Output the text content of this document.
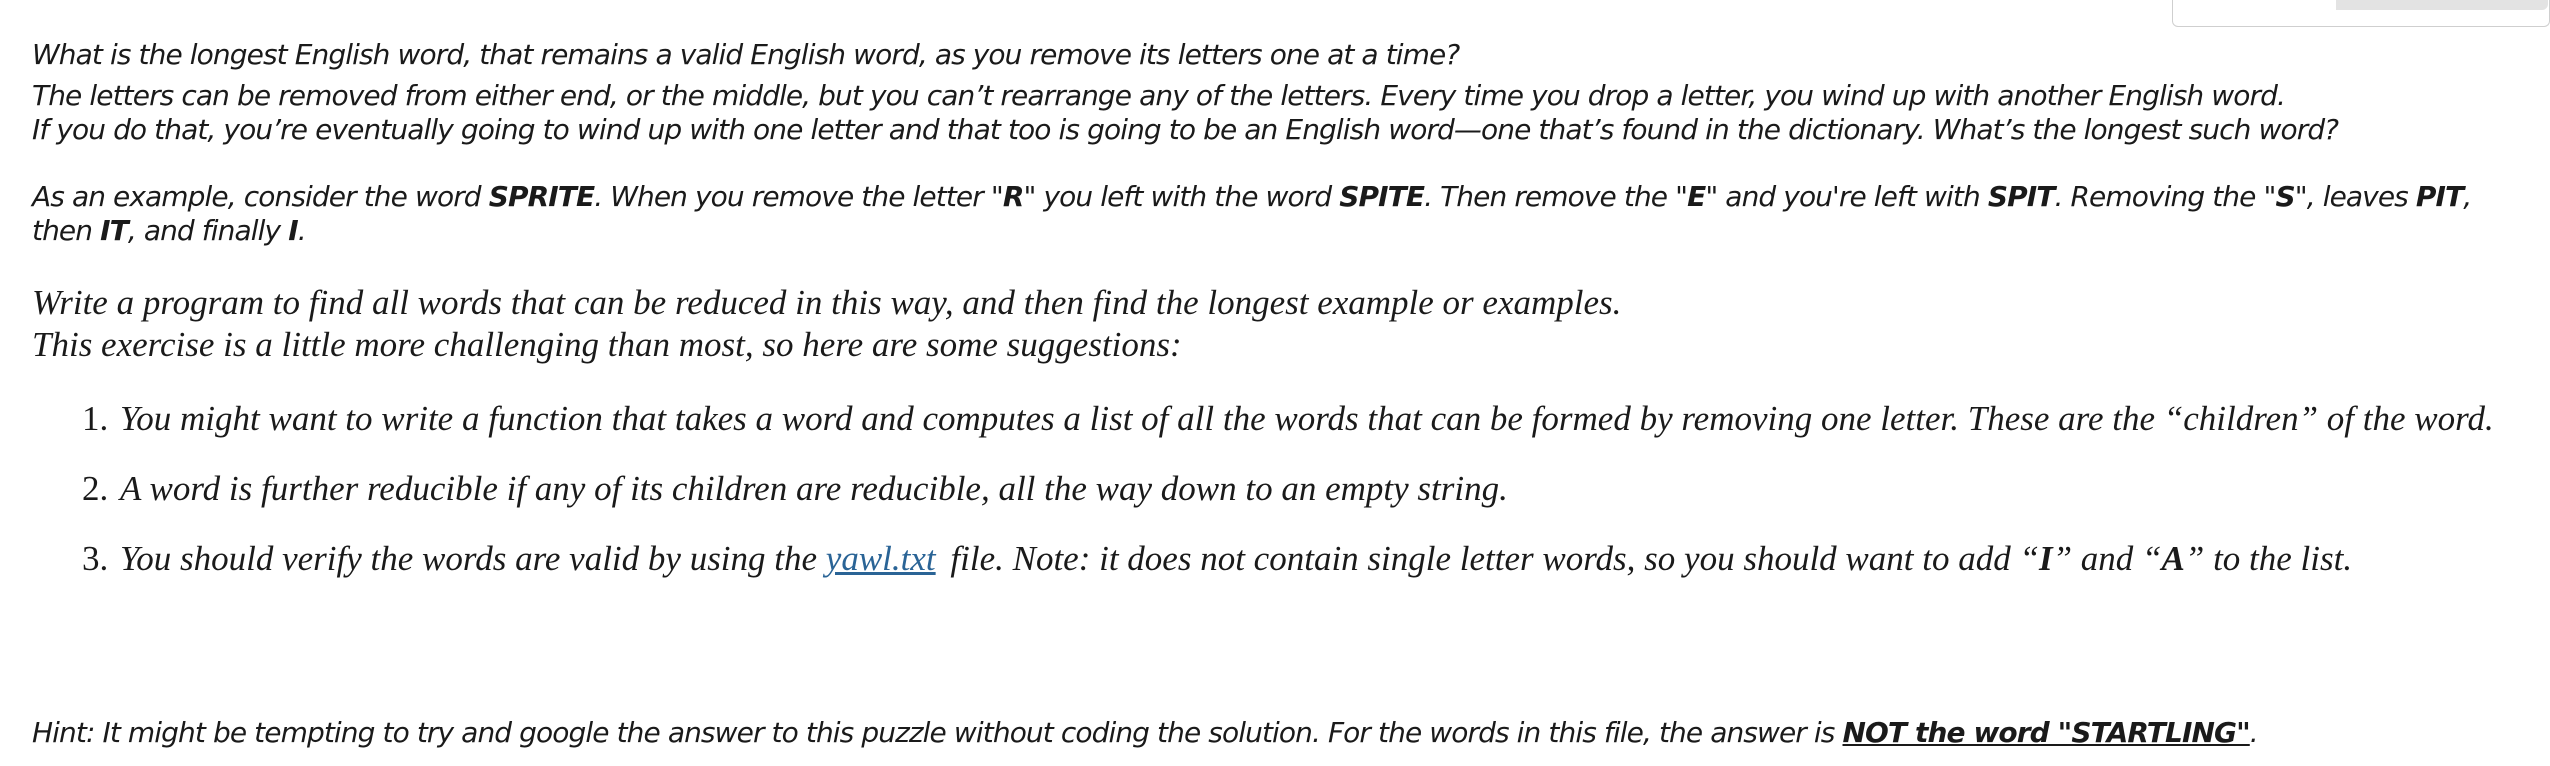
What is the longest English word, that remains a valid English word, as you remove its letters one at a time?

The letters can be removed from either end, or the middle, but you can’t rearrange any of the letters. Every time you drop a letter, you wind up with another English word.

If you do that, you’re eventually going to wind up with one letter and that too is going to be an English word—one that’s found in the dictionary. What’s the longest such word?

As an example, consider the word SPRITE. When you remove the letter "R" you left with the word SPITE. Then remove the "E" and you're left with SPIT. Removing the "S", leaves PIT, then IT, and finally I.

Write a program to find all words that can be reduced in this way, and then find the longest example or examples.

This exercise is a little more challenging than most, so here are some suggestions:

1. You might want to write a function that takes a word and computes a list of all the words that can be formed by removing one letter. These are the “children” of the word.
2. A word is further reducible if any of its children are reducible, all the way down to an empty string.
3. You should verify the words are valid by using the yawl.txt file. Note: it does not contain single letter words, so you should want to add “I” and “A” to the list.

Hint: It might be tempting to try and google the answer to this puzzle without coding the solution. For the words in this file, the answer is NOT the word "STARTLING".
